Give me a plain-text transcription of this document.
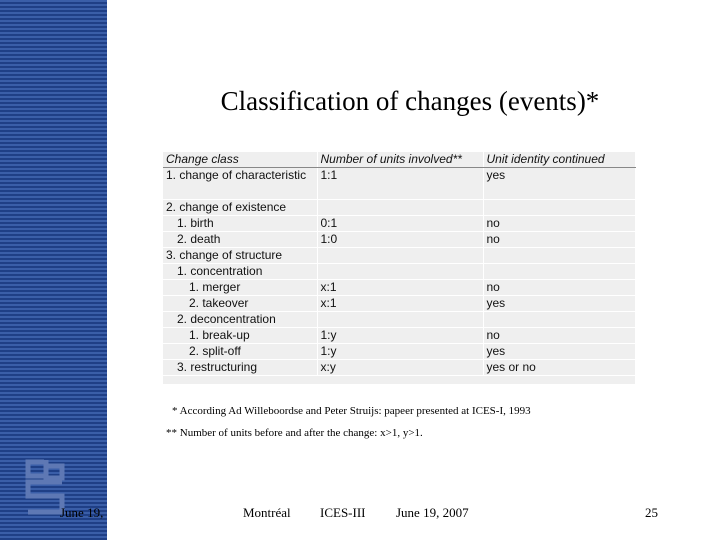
Classification of changes (events)*
Change class	Number of units involved**	Unit identity continued
1. change of characteristic	1:1	yes
2. change of existence		
1. birth	0:1	no
2. death	1:0	no
3. change of structure		
1. concentration		
1. merger	x:1	no
2. takeover	x:1	yes
2. deconcentration		
1. break-up	1:y	no
2. split-off	1:y	yes
3. restructuring	x:y	yes or no
* According Ad Willeboordse and Peter Struijs: papeer presented at ICES-I, 1993
** Number of units before and after the change: x>1, y>1.
June 19,	Montréal ICES-III June 19, 2007	25
